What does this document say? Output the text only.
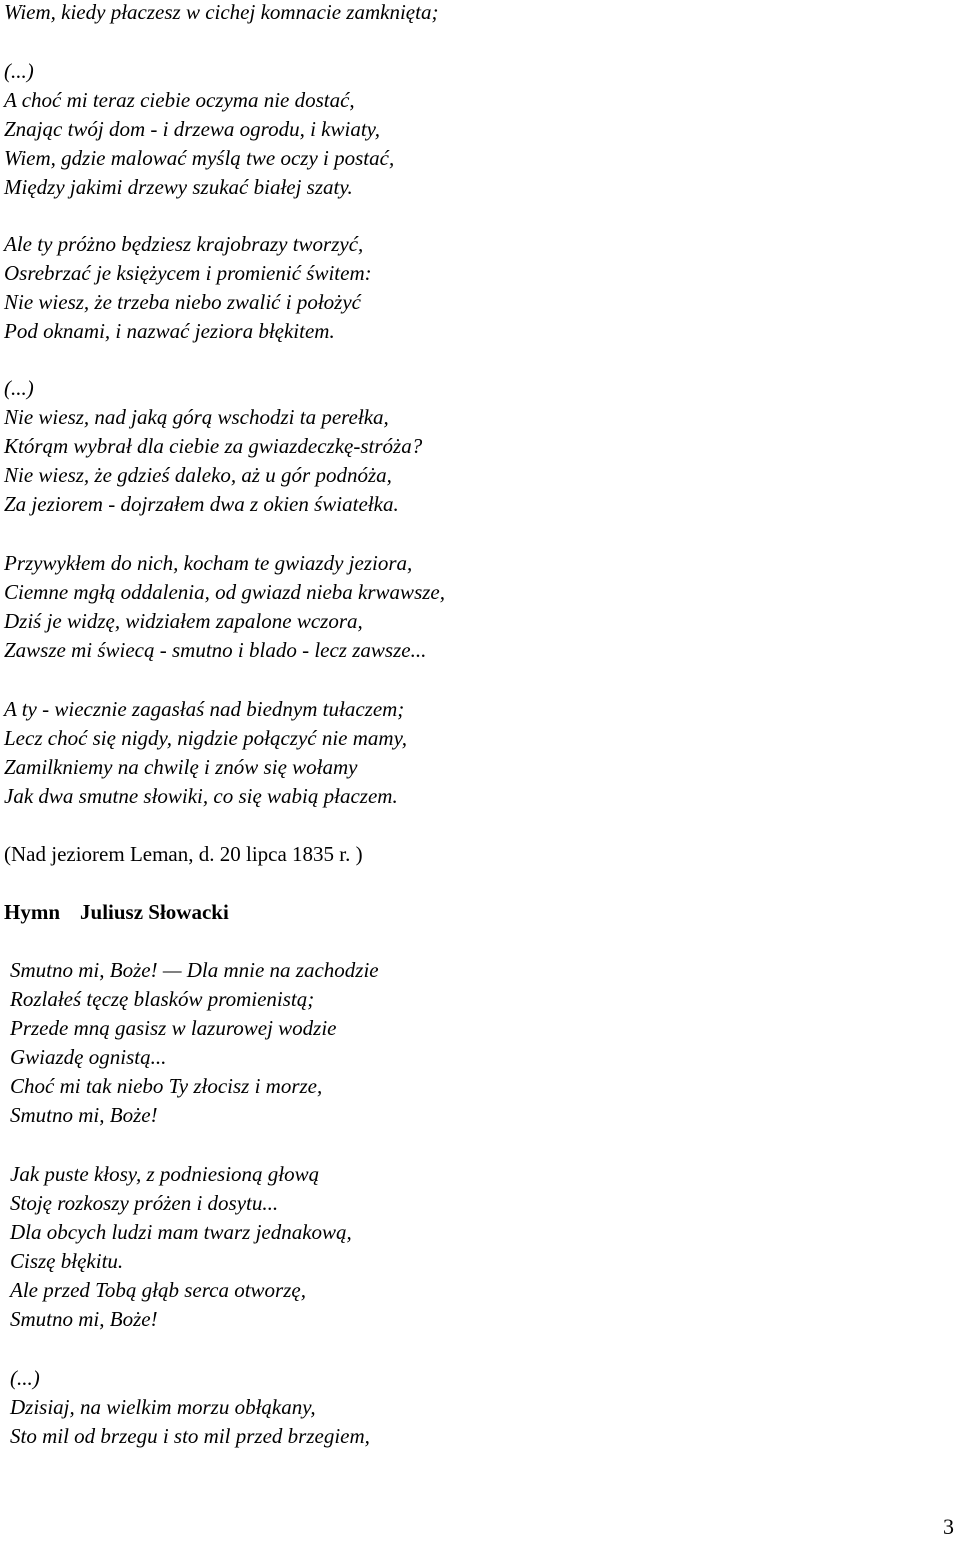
Wiem, kiedy płaczesz w cichej komnacie zamknięta;
(...)
A choć mi teraz ciebie oczyma nie dostać,
Znając twój dom - i drzewa ogrodu, i kwiaty,
Wiem, gdzie malować myślą twe oczy i postać,
Między jakimi drzewy szukać białej szaty.
Ale ty próżno będziesz krajobrazy tworzyć,
Osrebrzać je księżycem i promienić świtem:
Nie wiesz, że trzeba niebo zwalić i położyć
Pod oknami, i nazwać jeziora błękitem.
(...)
Nie wiesz, nad jaką górą wschodzi ta perełka,
Którąm wybrał dla ciebie za gwiazdeczkę-stróża?
Nie wiesz, że gdzieś daleko, aż u gór podnóża,
Za jeziorem - dojrzałem dwa z okien światełka.
Przywykłem do nich, kocham te gwiazdy jeziora,
Ciemne mgłą oddalenia, od gwiazd nieba krwawsze,
Dziś je widzę, widziałem zapalone wczora,
Zawsze mi świecą - smutno i blado - lecz zawsze...
A ty - wiecznie zagasłaś nad biednym tułaczem;
Lecz choć się nigdy, nigdzie połączyć nie mamy,
Zamilkniemy na chwilę i znów się wołamy
Jak dwa smutne słowiki, co się wabią płaczem.
(Nad jeziorem Leman, d. 20 lipca 1835 r. )
Hymn Juliusz Słowacki
Smutno mi, Boże! — Dla mnie na zachodzie
Rozlałeś tęczę blasków promienistą;
Przede mną gasisz w lazurowej wodzie
Gwiazdę ognistą...
Choć mi tak niebo Ty złocisz i morze,
Smutno mi, Boże!
Jak puste kłosy, z podniesioną głową
Stoję rozkoszy próżen i dosytu...
Dla obcych ludzi mam twarz jednakową,
Ciszę błękitu.
Ale przed Tobą głąb serca otworzę,
Smutno mi, Boże!
(...)
Dzisiaj, na wielkim morzu obłąkany,
Sto mil od brzegu i sto mil przed brzegiem,
3
